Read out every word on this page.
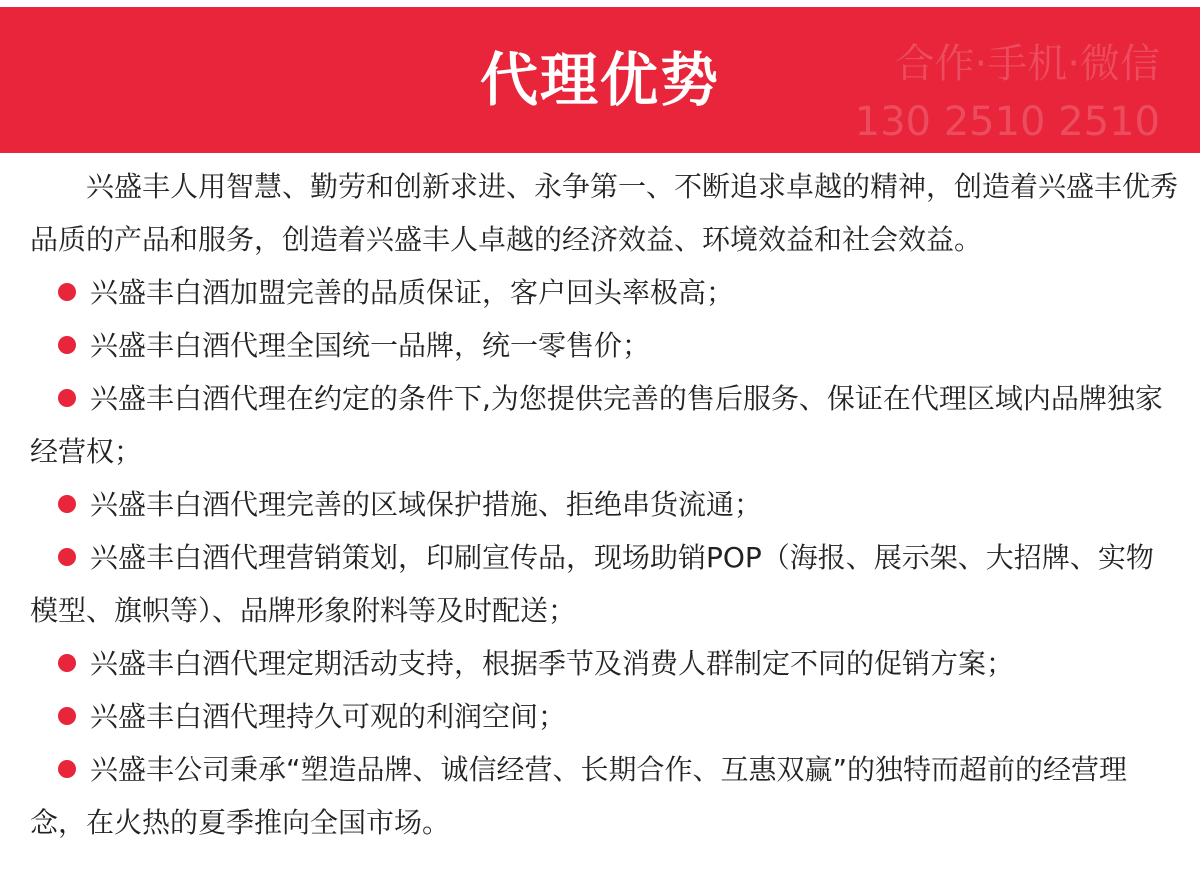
合作·手机·微信
130 2510 2510
代理优势

兴盛丰人用智慧、勤劳和创新求进、永争第一、不断追求卓越的精神，创造着兴盛丰优秀品质的产品和服务，创造着兴盛丰人卓越的经济效益、环境效益和社会效益。

兴盛丰白酒加盟完善的品质保证，客户回头率极高；
兴盛丰白酒代理全国统一品牌，统一零售价；
兴盛丰白酒代理在约定的条件下,为您提供完善的售后服务、保证在代理区域内品牌独家经营权；
兴盛丰白酒代理完善的区域保护措施、拒绝串货流通；
兴盛丰白酒代理营销策划，印刷宣传品，现场助销POP（海报、展示架、大招牌、实物模型、旗帜等）、品牌形象附料等及时配送；
兴盛丰白酒代理定期活动支持，根据季节及消费人群制定不同的促销方案；
兴盛丰白酒代理持久可观的利润空间；
兴盛丰公司秉承“塑造品牌、诚信经营、长期合作、互惠双赢”的独特而超前的经营理念，在火热的夏季推向全国市场。
